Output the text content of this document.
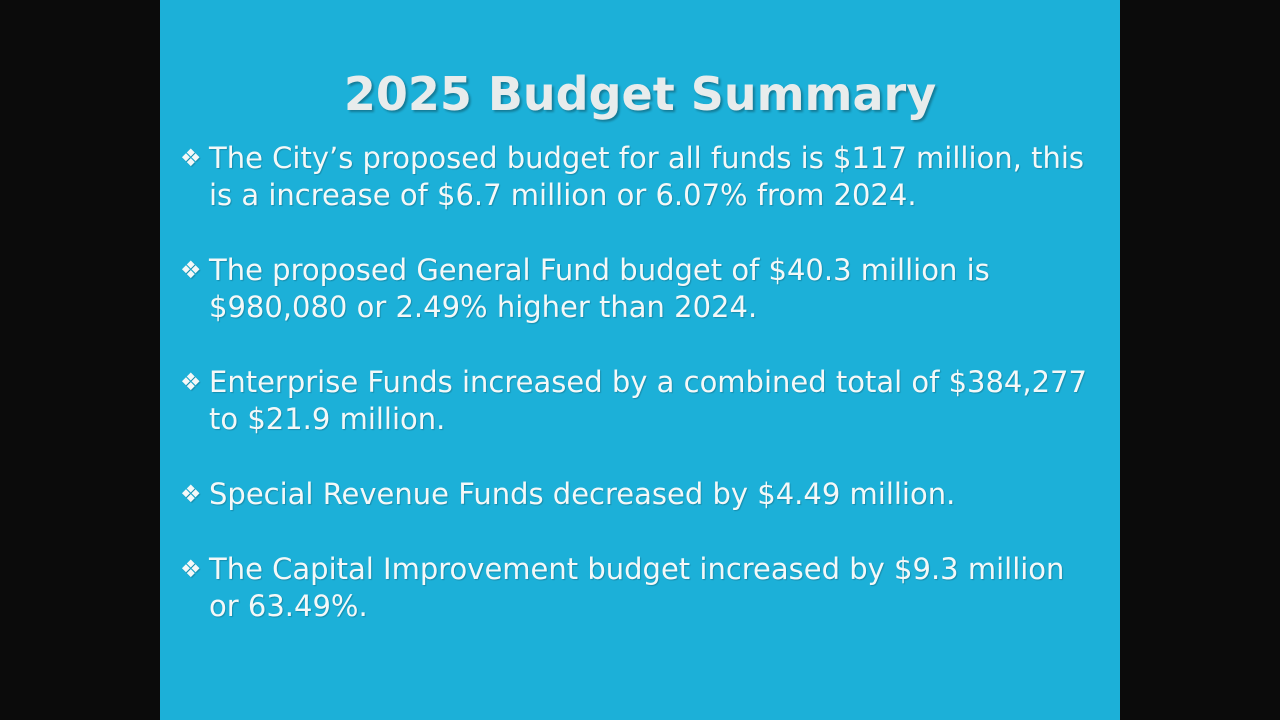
2025 Budget Summary
❖ The City’s proposed budget for all funds is $117 million, this is a increase of $6.7 million or 6.07% from 2024.
❖ The proposed General Fund budget of $40.3 million is $980,080 or 2.49% higher than 2024.
❖ Enterprise Funds increased by a combined total of $384,277 to $21.9 million.
❖ Special Revenue Funds decreased by $4.49 million.
❖ The Capital Improvement budget increased by $9.3 million or 63.49%.
